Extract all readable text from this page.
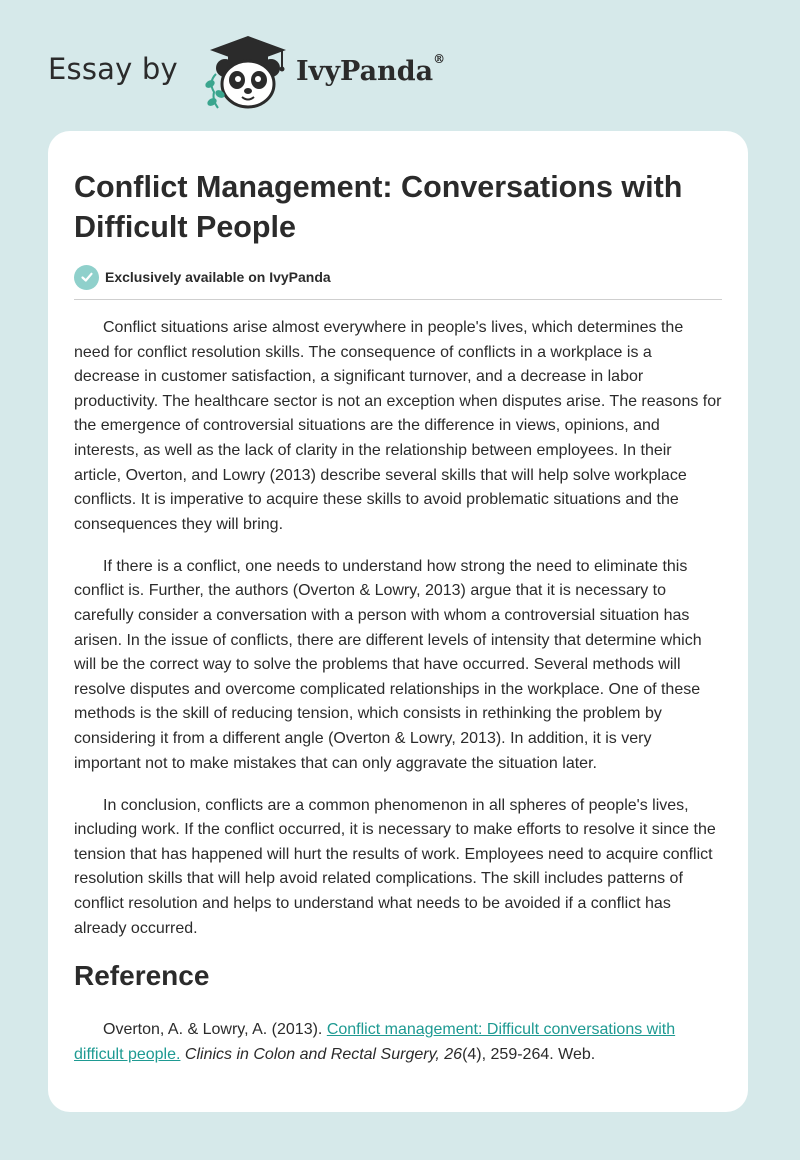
Essay by	IvyPanda®
Conflict Management: Conversations with Difficult People
Exclusively available on IvyPanda

Conflict situations arise almost everywhere in people's lives, which determines the need for conflict resolution skills. The consequence of conflicts in a workplace is a decrease in customer satisfaction, a significant turnover, and a decrease in labor productivity. The healthcare sector is not an exception when disputes arise. The reasons for the emergence of controversial situations are the difference in views, opinions, and interests, as well as the lack of clarity in the relationship between employees. In their article, Overton, and Lowry (2013) describe several skills that will help solve workplace conflicts. It is imperative to acquire these skills to avoid problematic situations and the consequences they will bring.

If there is a conflict, one needs to understand how strong the need to eliminate this conflict is. Further, the authors (Overton & Lowry, 2013) argue that it is necessary to carefully consider a conversation with a person with whom a controversial situation has arisen. In the issue of conflicts, there are different levels of intensity that determine which will be the correct way to solve the problems that have occurred. Several methods will resolve disputes and overcome complicated relationships in the workplace. One of these methods is the skill of reducing tension, which consists in rethinking the problem by considering it from a different angle (Overton & Lowry, 2013). In addition, it is very important not to make mistakes that can only aggravate the situation later.

In conclusion, conflicts are a common phenomenon in all spheres of people's lives, including work. If the conflict occurred, it is necessary to make efforts to resolve it since the tension that has happened will hurt the results of work. Employees need to acquire conflict resolution skills that will help avoid related complications. The skill includes patterns of conflict resolution and helps to understand what needs to be avoided if a conflict has already occurred.

Reference

Overton, A. & Lowry, A. (2013). Conflict management: Difficult conversations with difficult people. Clinics in Colon and Rectal Surgery, 26(4), 259-264. Web.
